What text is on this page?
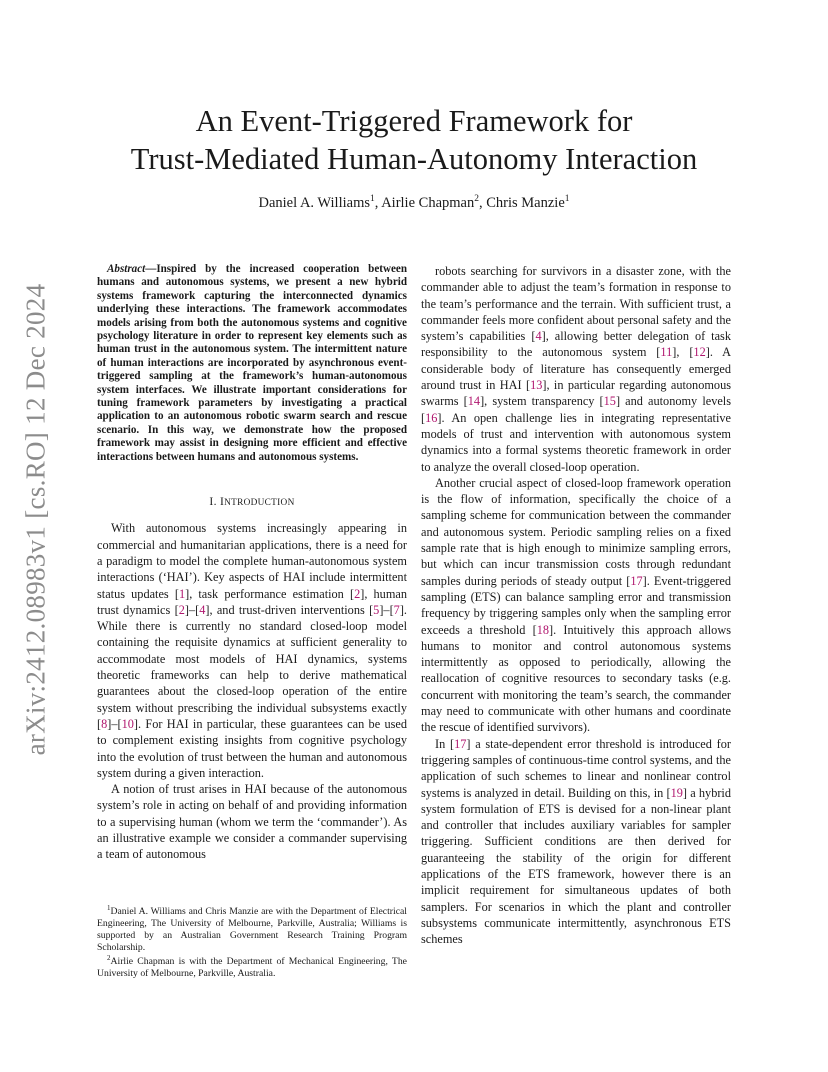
arXiv:2412.08983v1 [cs.RO] 12 Dec 2024
An Event-Triggered Framework for
Trust-Mediated Human-Autonomy Interaction
Daniel A. Williams$^1$, Airlie Chapman$^2$, Chris Manzie$^1$

Abstract—Inspired by the increased cooperation between humans and autonomous systems, we present a new hybrid systems framework capturing the interconnected dynamics underlying these interactions. The framework accommodates models arising from both the autonomous systems and cognitive psychology literature in order to represent key elements such as human trust in the autonomous system. The intermittent nature of human interactions are incorporated by asynchronous event-triggered sampling at the framework’s human-autonomous system interfaces. We illustrate important considerations for tuning framework parameters by investigating a practical application to an autonomous robotic swarm search and rescue scenario. In this way, we demonstrate how the proposed framework may assist in designing more efficient and effective interactions between humans and autonomous systems.

I. INTRODUCTION

With autonomous systems increasingly appearing in commercial and humanitarian applications, there is a need for a paradigm to model the complete human-autonomous system interactions (‘HAI’). Key aspects of HAI include intermittent status updates [1], task performance estimation [2], human trust dynamics [2]–[4], and trust-driven interventions [5]–[7]. While there is currently no standard closed-loop model containing the requisite dynamics at sufficient generality to accommodate most models of HAI dynamics, systems theoretic frameworks can help to derive mathematical guarantees about the closed-loop operation of the entire system without prescribing the individual subsystems exactly [8]–[10]. For HAI in particular, these guarantees can be used to complement existing insights from cognitive psychology into the evolution of trust between the human and autonomous system during a given interaction.

A notion of trust arises in HAI because of the autonomous system’s role in acting on behalf of and providing information to a supervising human (whom we term the ‘commander’). As an illustrative example we consider a commander supervising a team of autonomous

robots searching for survivors in a disaster zone, with the commander able to adjust the team’s formation in response to the team’s performance and the terrain. With sufficient trust, a commander feels more confident about personal safety and the system’s capabilities [4], allowing better delegation of task responsibility to the autonomous system [11], [12]. A considerable body of literature has consequently emerged around trust in HAI [13], in particular regarding autonomous swarms [14], system transparency [15] and autonomy levels [16]. An open challenge lies in integrating representative models of trust and intervention with autonomous system dynamics into a formal systems theoretic framework in order to analyze the overall closed-loop operation.

Another crucial aspect of closed-loop framework operation is the flow of information, specifically the choice of a sampling scheme for communication between the commander and autonomous system. Periodic sampling relies on a fixed sample rate that is high enough to minimize sampling errors, but which can incur transmission costs through redundant samples during periods of steady output [17]. Event-triggered sampling (ETS) can balance sampling error and transmission frequency by triggering samples only when the sampling error exceeds a threshold [18]. Intuitively this approach allows humans to monitor and control autonomous systems intermittently as opposed to periodically, allowing the reallocation of cognitive resources to secondary tasks (e.g. concurrent with monitoring the team’s search, the commander may need to communicate with other humans and coordinate the rescue of identified survivors).

In [17] a state-dependent error threshold is introduced for triggering samples of continuous-time control systems, and the application of such schemes to linear and nonlinear control systems is analyzed in detail. Building on this, in [19] a hybrid system formulation of ETS is devised for a non-linear plant and controller that includes auxiliary variables for sampler triggering. Sufficient conditions are then derived for guaranteeing the stability of the origin for different applications of the ETS framework, however there is an implicit requirement for simultaneous updates of both samplers. For scenarios in which the plant and controller subsystems communicate intermittently, asynchronous ETS schemes

$^1$Daniel A. Williams and Chris Manzie are with the Department of Electrical Engineering, The University of Melbourne, Parkville, Australia; Williams is supported by an Australian Government Research Training Program Scholarship.

$^2$Airlie Chapman is with the Department of Mechanical Engineering, The University of Melbourne, Parkville, Australia.
